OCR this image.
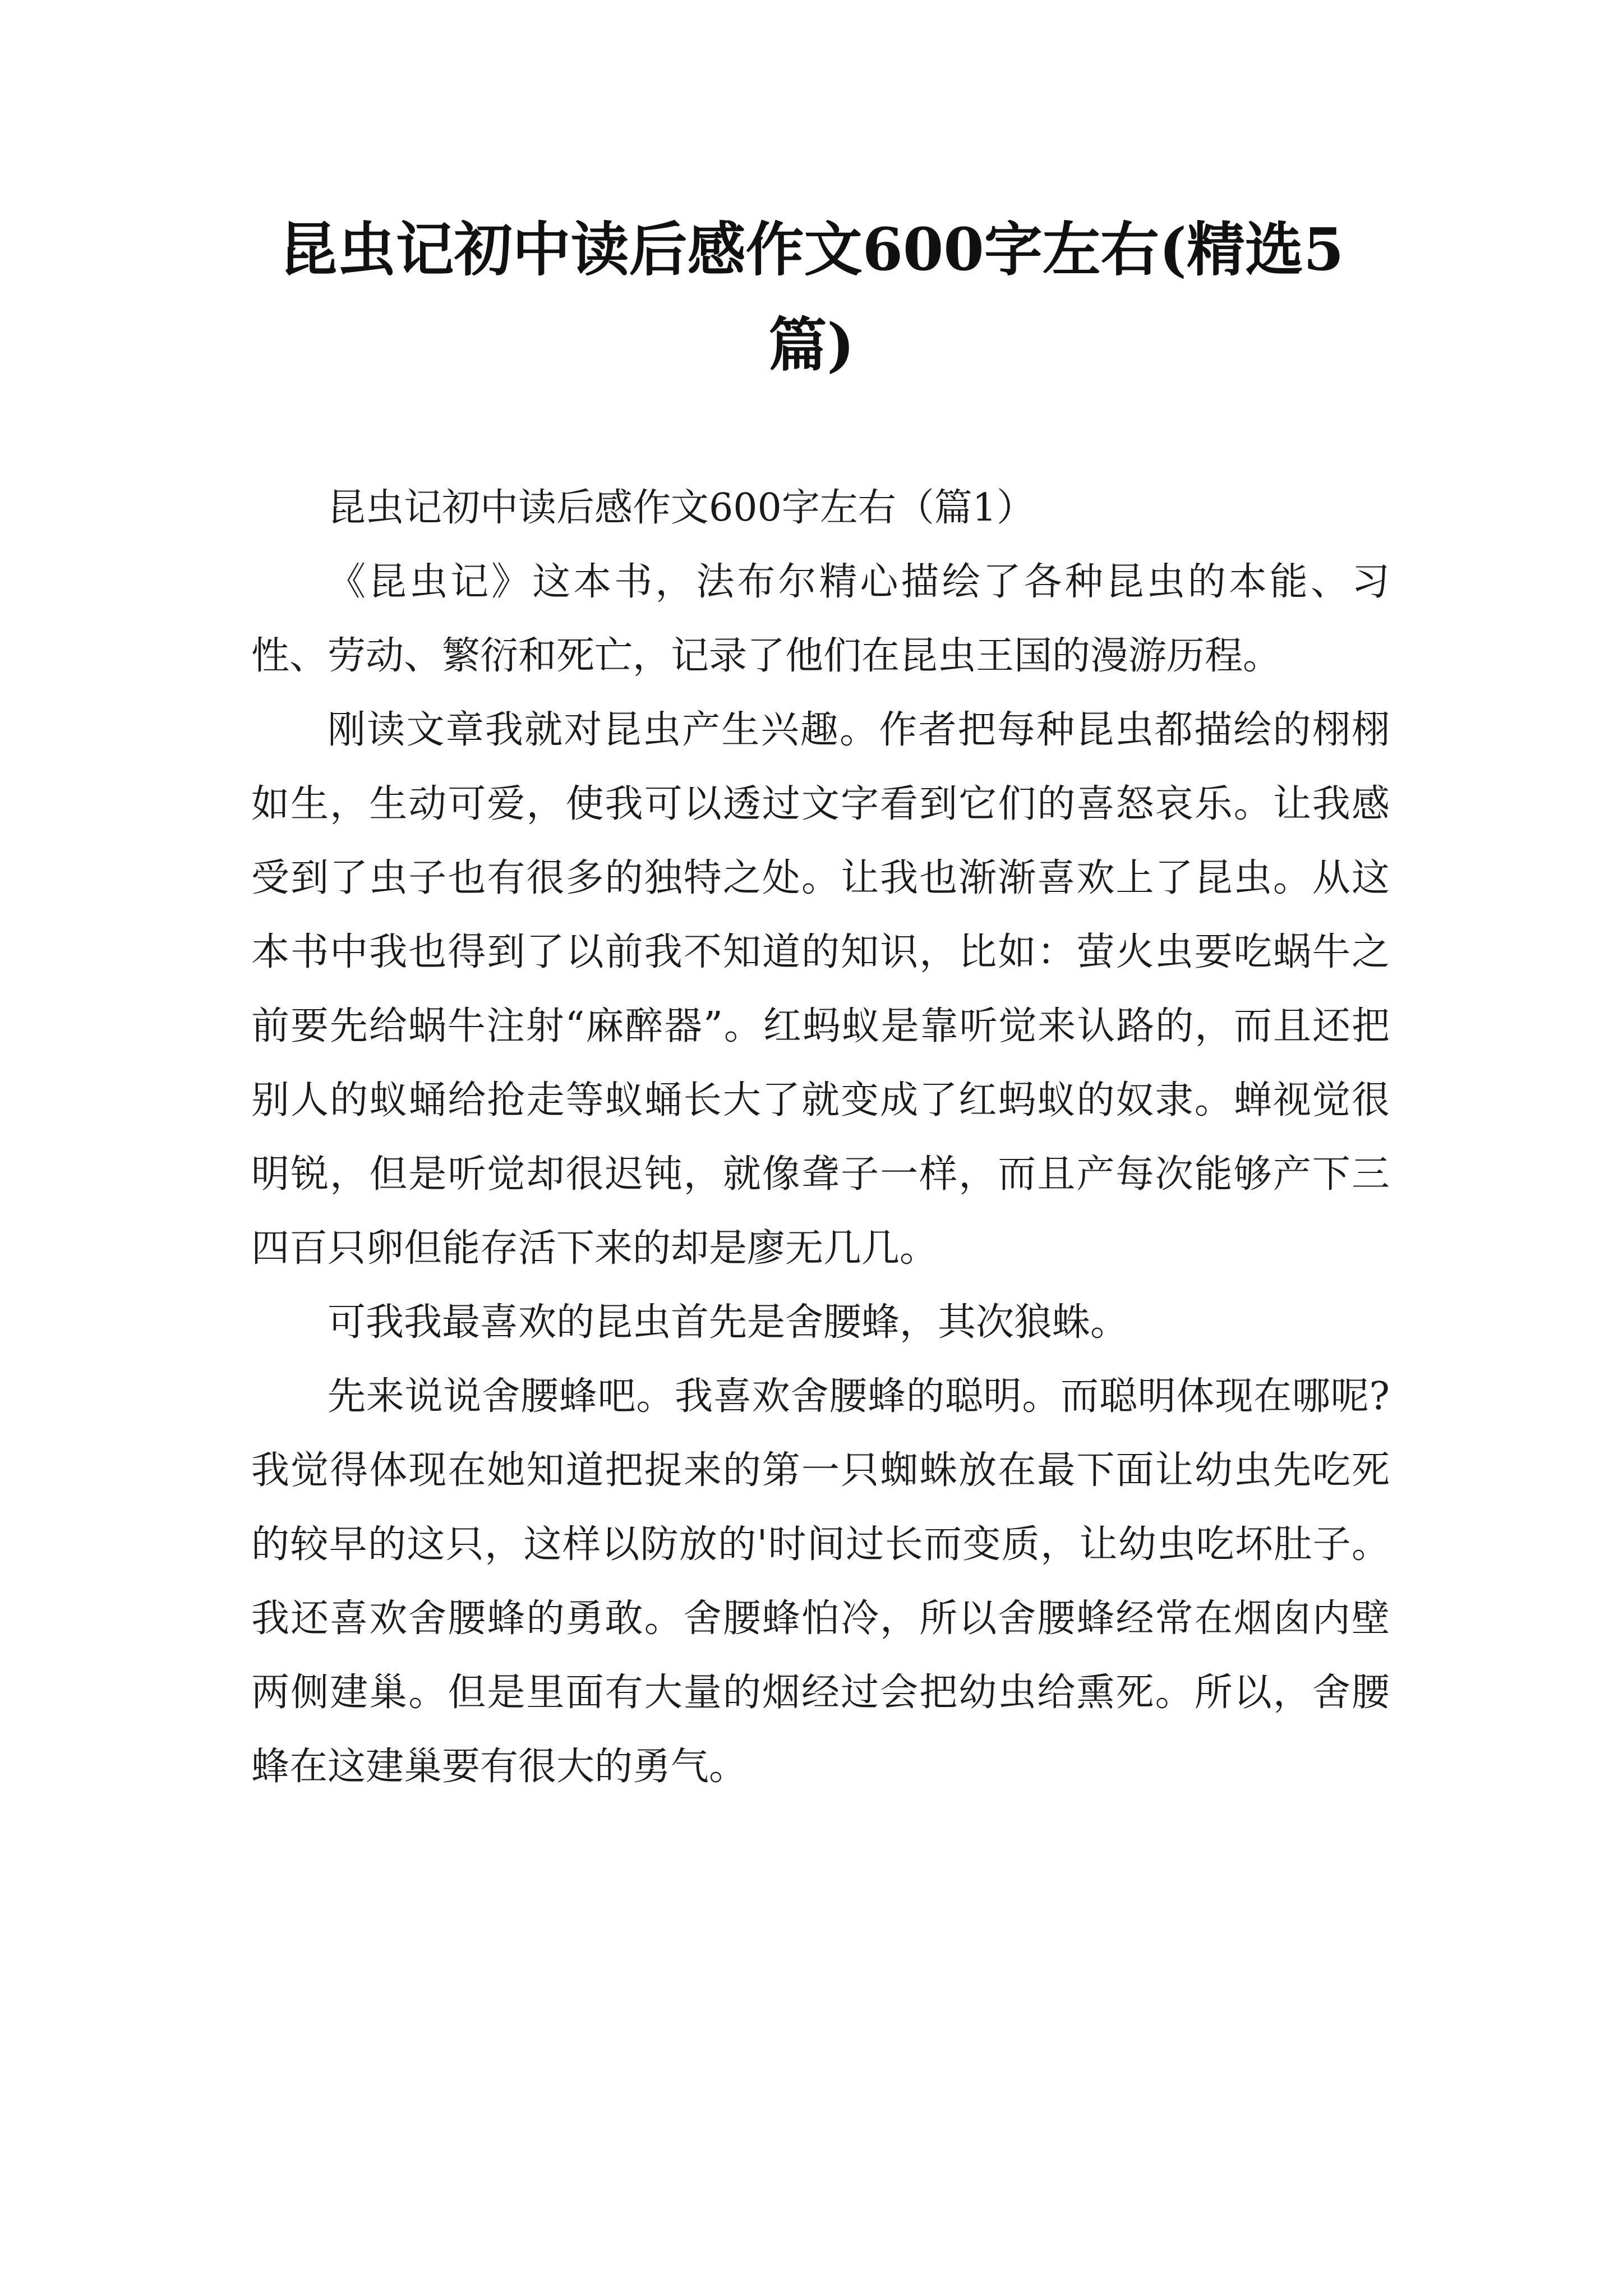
昆虫记初中读后感作文600字左右(精选5篇)

昆虫记初中读后感作文600字左右（篇1）

《昆虫记》这本书，法布尔精心描绘了各种昆虫的本能、习性、劳动、繁衍和死亡，记录了他们在昆虫王国的漫游历程。

刚读文章我就对昆虫产生兴趣。作者把每种昆虫都描绘的栩栩如生，生动可爱，使我可以透过文字看到它们的喜怒哀乐。让我感受到了虫子也有很多的独特之处。让我也渐渐喜欢上了昆虫。从这本书中我也得到了以前我不知道的知识，比如：萤火虫要吃蜗牛之前要先给蜗牛注射“麻醉器”。红蚂蚁是靠听觉来认路的，而且还把别人的蚁蛹给抢走等蚁蛹长大了就变成了红蚂蚁的奴隶。蝉视觉很明锐，但是听觉却很迟钝，就像聋子一样，而且产每次能够产下三四百只卵但能存活下来的却是廖无几几。

可我我最喜欢的昆虫首先是舍腰蜂，其次狼蛛。

先来说说舍腰蜂吧。我喜欢舍腰蜂的聪明。而聪明体现在哪呢?我觉得体现在她知道把捉来的第一只蜘蛛放在最下面让幼虫先吃死的较早的这只，这样以防放的'时间过长而变质，让幼虫吃坏肚子。我还喜欢舍腰蜂的勇敢。舍腰蜂怕冷，所以舍腰蜂经常在烟囱内壁两侧建巢。但是里面有大量的烟经过会把幼虫给熏死。所以，舍腰蜂在这建巢要有很大的勇气。
